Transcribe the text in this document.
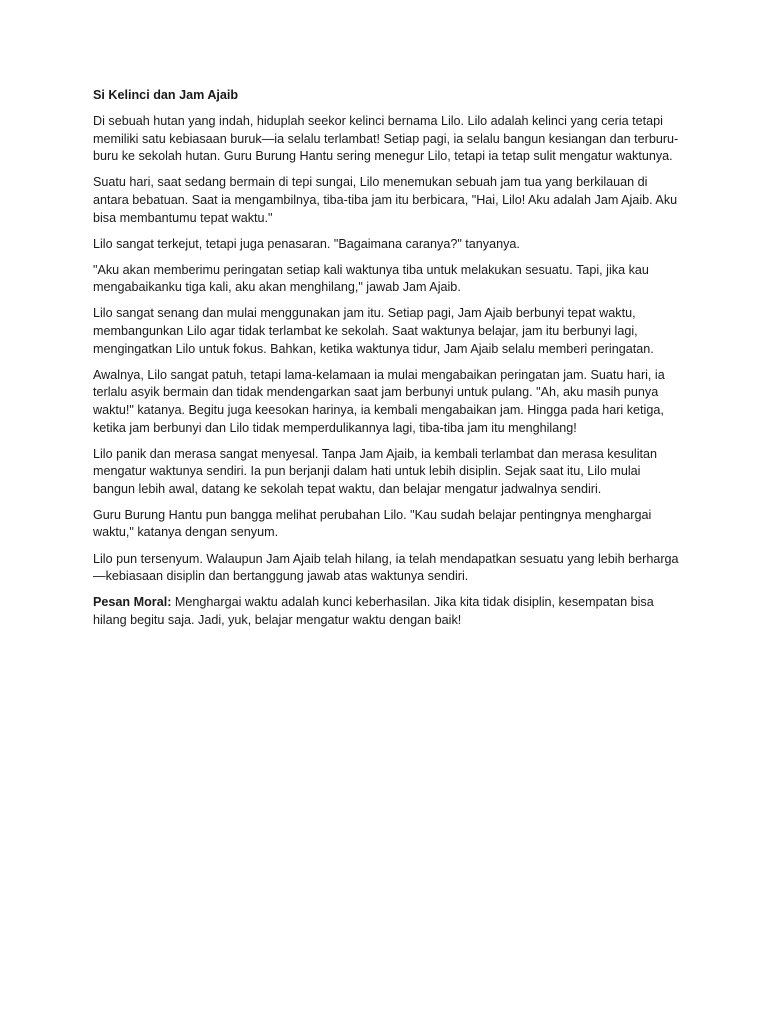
Si Kelinci dan Jam Ajaib

Di sebuah hutan yang indah, hiduplah seekor kelinci bernama Lilo. Lilo adalah kelinci yang ceria tetapi memiliki satu kebiasaan buruk—ia selalu terlambat! Setiap pagi, ia selalu bangun kesiangan dan terburu-buru ke sekolah hutan. Guru Burung Hantu sering menegur Lilo, tetapi ia tetap sulit mengatur waktunya.

Suatu hari, saat sedang bermain di tepi sungai, Lilo menemukan sebuah jam tua yang berkilauan di antara bebatuan. Saat ia mengambilnya, tiba-tiba jam itu berbicara, "Hai, Lilo! Aku adalah Jam Ajaib. Aku bisa membantumu tepat waktu."

Lilo sangat terkejut, tetapi juga penasaran. "Bagaimana caranya?" tanyanya.

"Aku akan memberimu peringatan setiap kali waktunya tiba untuk melakukan sesuatu. Tapi, jika kau mengabaikanku tiga kali, aku akan menghilang," jawab Jam Ajaib.

Lilo sangat senang dan mulai menggunakan jam itu. Setiap pagi, Jam Ajaib berbunyi tepat waktu, membangunkan Lilo agar tidak terlambat ke sekolah. Saat waktunya belajar, jam itu berbunyi lagi, mengingatkan Lilo untuk fokus. Bahkan, ketika waktunya tidur, Jam Ajaib selalu memberi peringatan.

Awalnya, Lilo sangat patuh, tetapi lama-kelamaan ia mulai mengabaikan peringatan jam. Suatu hari, ia terlalu asyik bermain dan tidak mendengarkan saat jam berbunyi untuk pulang. "Ah, aku masih punya waktu!" katanya. Begitu juga keesokan harinya, ia kembali mengabaikan jam. Hingga pada hari ketiga, ketika jam berbunyi dan Lilo tidak memperdulikannya lagi, tiba-tiba jam itu menghilang!

Lilo panik dan merasa sangat menyesal. Tanpa Jam Ajaib, ia kembali terlambat dan merasa kesulitan mengatur waktunya sendiri. Ia pun berjanji dalam hati untuk lebih disiplin. Sejak saat itu, Lilo mulai bangun lebih awal, datang ke sekolah tepat waktu, dan belajar mengatur jadwalnya sendiri.

Guru Burung Hantu pun bangga melihat perubahan Lilo. "Kau sudah belajar pentingnya menghargai waktu," katanya dengan senyum.

Lilo pun tersenyum. Walaupun Jam Ajaib telah hilang, ia telah mendapatkan sesuatu yang lebih berharga—kebiasaan disiplin dan bertanggung jawab atas waktunya sendiri.

Pesan Moral: Menghargai waktu adalah kunci keberhasilan. Jika kita tidak disiplin, kesempatan bisa hilang begitu saja. Jadi, yuk, belajar mengatur waktu dengan baik!
